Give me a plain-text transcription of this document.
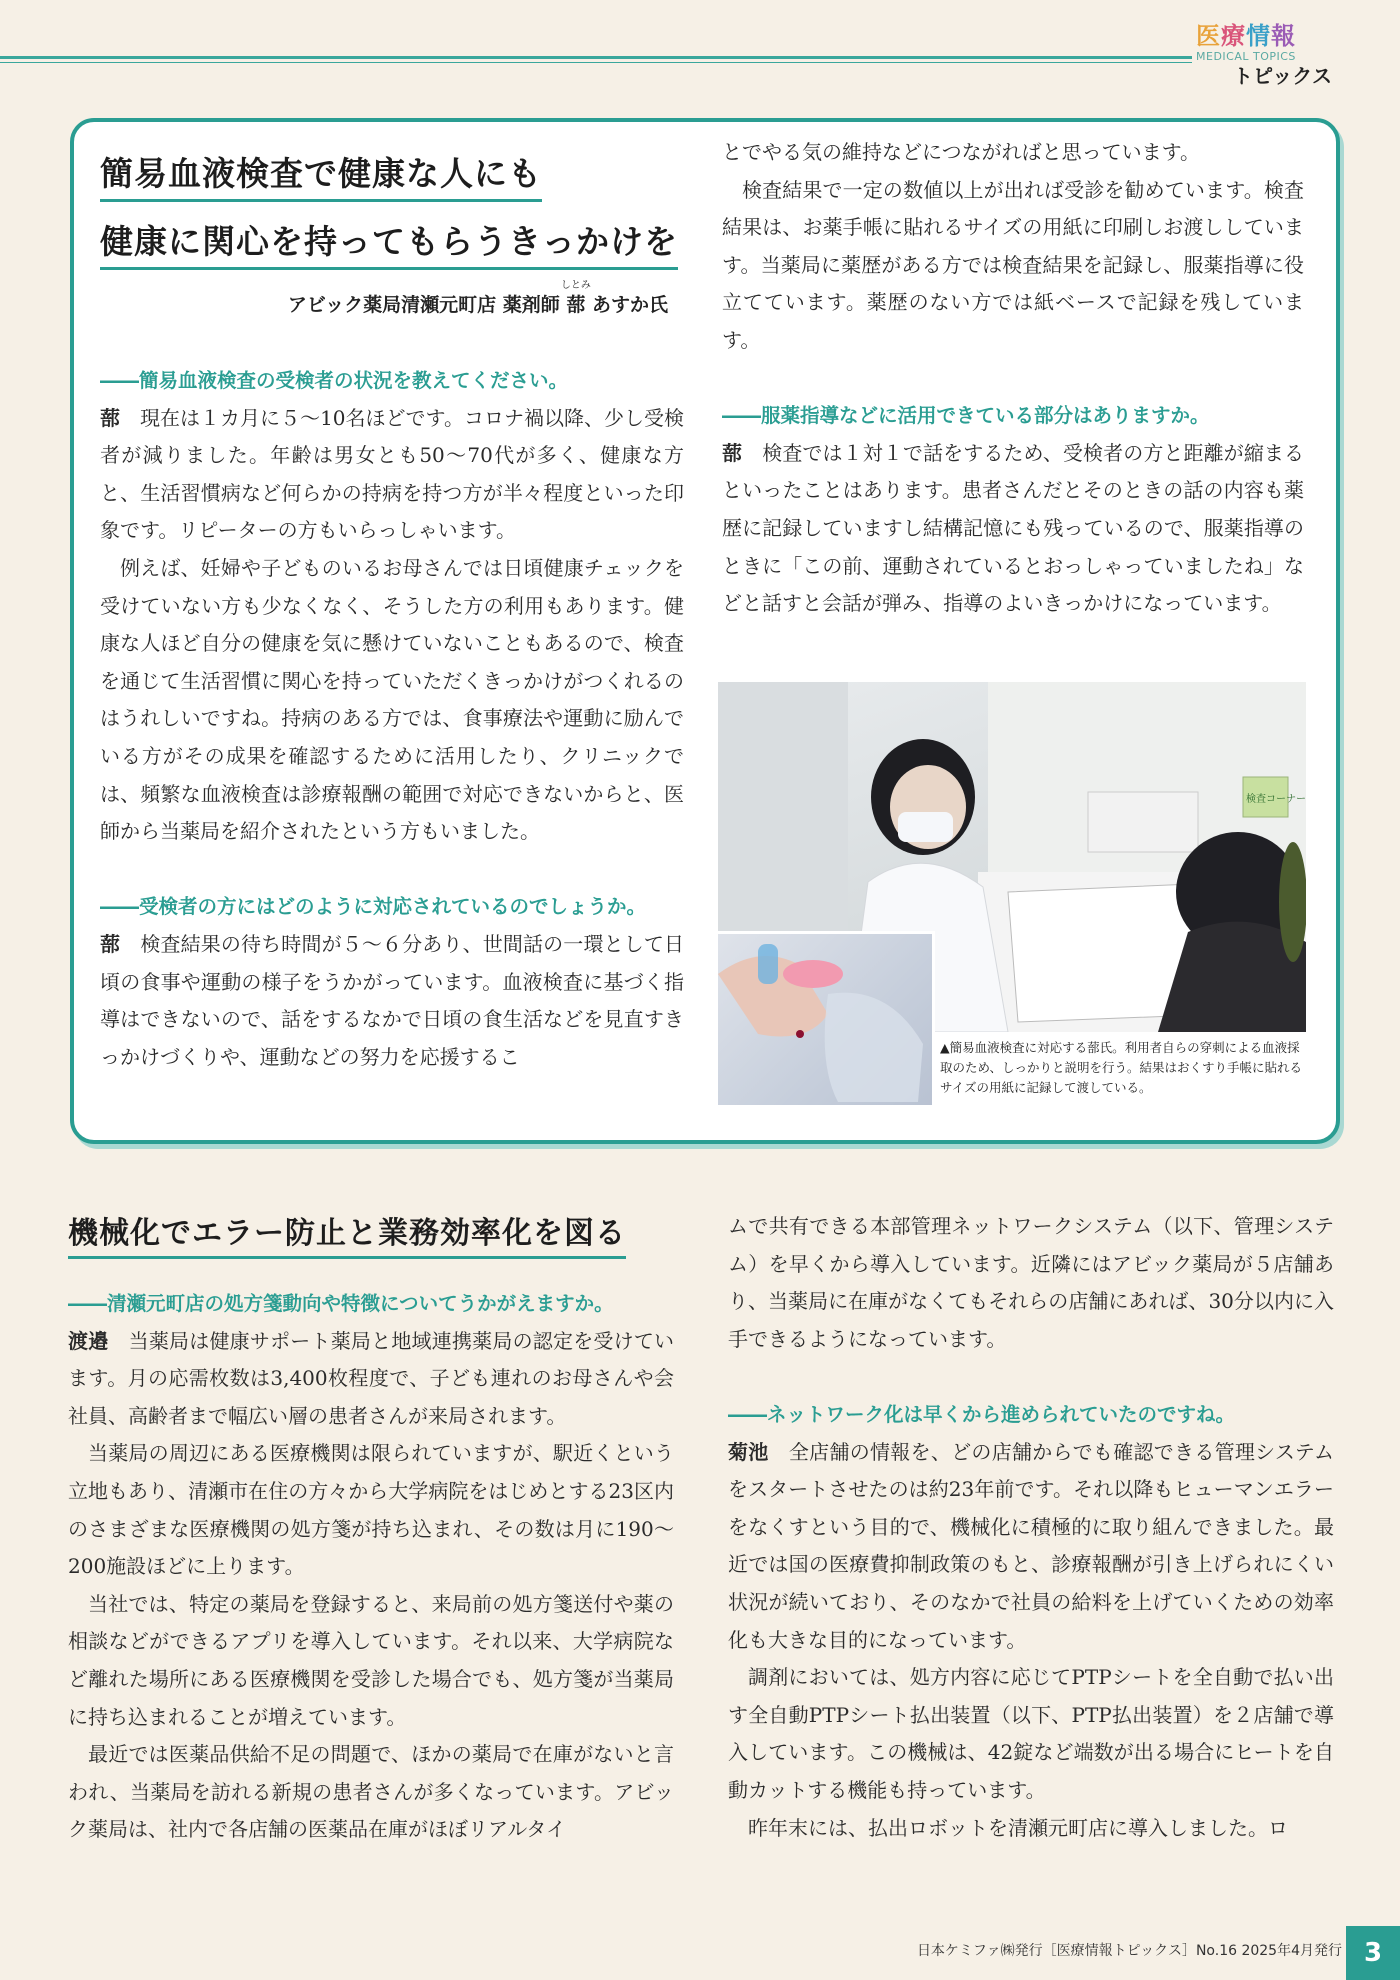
医療情報
MEDICAL TOPICS
トピックス
簡易血液検査で健康な人にも
健康に関心を持ってもらうきっかけを
アビック薬局清瀬元町店 薬剤師
しとみ
蔀 あすか氏

――簡易血液検査の受検者の状況を教えてください。

蔀　 現在は１カ月に５～10名ほどです。コロナ禍以降、少し受検者が減りました。年齢は男女とも50～70代が多く、健康な方と、生活習慣病など何らかの持病を持つ方が半々程度といった印象です。リピーターの方もいらっしゃいます。

例えば、妊婦や子どものいるお母さんでは日頃健康チェックを受けていない方も少なくなく、そうした方の利用もあります。健康な人ほど自分の健康を気に懸けていないこともあるので、検査を通じて生活習慣に関心を持っていただくきっかけがつくれるのはうれしいですね。持病のある方では、食事療法や運動に励んでいる方がその成果を確認するために活用したり、クリニックでは、頻繁な血液検査は診療報酬の範囲で対応できないからと、医師から当薬局を紹介されたという方もいました。

――受検者の方にはどのように対応されているのでしょうか。

蔀　 検査結果の待ち時間が５～６分あり、世間話の一環として日頃の食事や運動の様子をうかがっています。血液検査に基づく指導はできないので、話をするなかで日頃の食生活などを見直すきっかけづくりや、運動などの努力を応援するこ

とでやる気の維持などにつながればと思っています。

検査結果で一定の数値以上が出れば受診を勧めています。検査結果は、お薬手帳に貼れるサイズの用紙に印刷しお渡ししています。当薬局に薬歴がある方では検査結果を記録し、服薬指導に役立てています。薬歴のない方では紙ベースで記録を残しています。

――服薬指導などに活用できている部分はありますか。

蔀　 検査では１対１で話をするため、受検者の方と距離が縮まるといったことはあります。患者さんだとそのときの話の内容も薬歴に記録していますし結構記憶にも残っているので、服薬指導のときに「この前、運動されているとおっしゃっていましたね」などと話すと会話が弾み、指導のよいきっかけになっています。

検査コーナー
▲簡易血液検査に対応する蔀氏。利用者自らの穿刺による血液採取のため、しっかりと説明を行う。結果はおくすり手帳に貼れるサイズの用紙に記録して渡している。
機械化でエラー防止と業務効率化を図る

――清瀬元町店の処方箋動向や特徴についてうかがえますか。

渡邉　 当薬局は健康サポート薬局と地域連携薬局の認定を受けています。月の応需枚数は3,400枚程度で、子ども連れのお母さんや会社員、高齢者まで幅広い層の患者さんが来局されます。

当薬局の周辺にある医療機関は限られていますが、駅近くという立地もあり、清瀬市在住の方々から大学病院をはじめとする23区内のさまざまな医療機関の処方箋が持ち込まれ、その数は月に190～200施設ほどに上ります。

当社では、特定の薬局を登録すると、来局前の処方箋送付や薬の相談などができるアプリを導入しています。それ以来、大学病院など離れた場所にある医療機関を受診した場合でも、処方箋が当薬局に持ち込まれることが増えています。

最近では医薬品供給不足の問題で、ほかの薬局で在庫がないと言われ、当薬局を訪れる新規の患者さんが多くなっています。アビック薬局は、社内で各店舗の医薬品在庫がほぼリアルタイ

ムで共有できる本部管理ネットワークシステム（以下、管理システム）を早くから導入しています。近隣にはアビック薬局が５店舗あり、当薬局に在庫がなくてもそれらの店舗にあれば、30分以内に入手できるようになっています。

――ネットワーク化は早くから進められていたのですね。

菊池　 全店舗の情報を、どの店舗からでも確認できる管理システムをスタートさせたのは約23年前です。それ以降もヒューマンエラーをなくすという目的で、機械化に積極的に取り組んできました。最近では国の医療費抑制政策のもと、診療報酬が引き上げられにくい状況が続いており、そのなかで社員の給料を上げていくための効率化も大きな目的になっています。

調剤においては、処方内容に応じてPTPシートを全自動で払い出す全自動PTPシート払出装置（以下、PTP払出装置）を２店舗で導入しています。この機械は、42錠など端数が出る場合にヒートを自動カットする機能も持っています。

昨年末には、払出ロボットを清瀬元町店に導入しました。ロ

日本ケミファ㈱発行［医療情報トピックス］No.16 2025年4月発行 3
